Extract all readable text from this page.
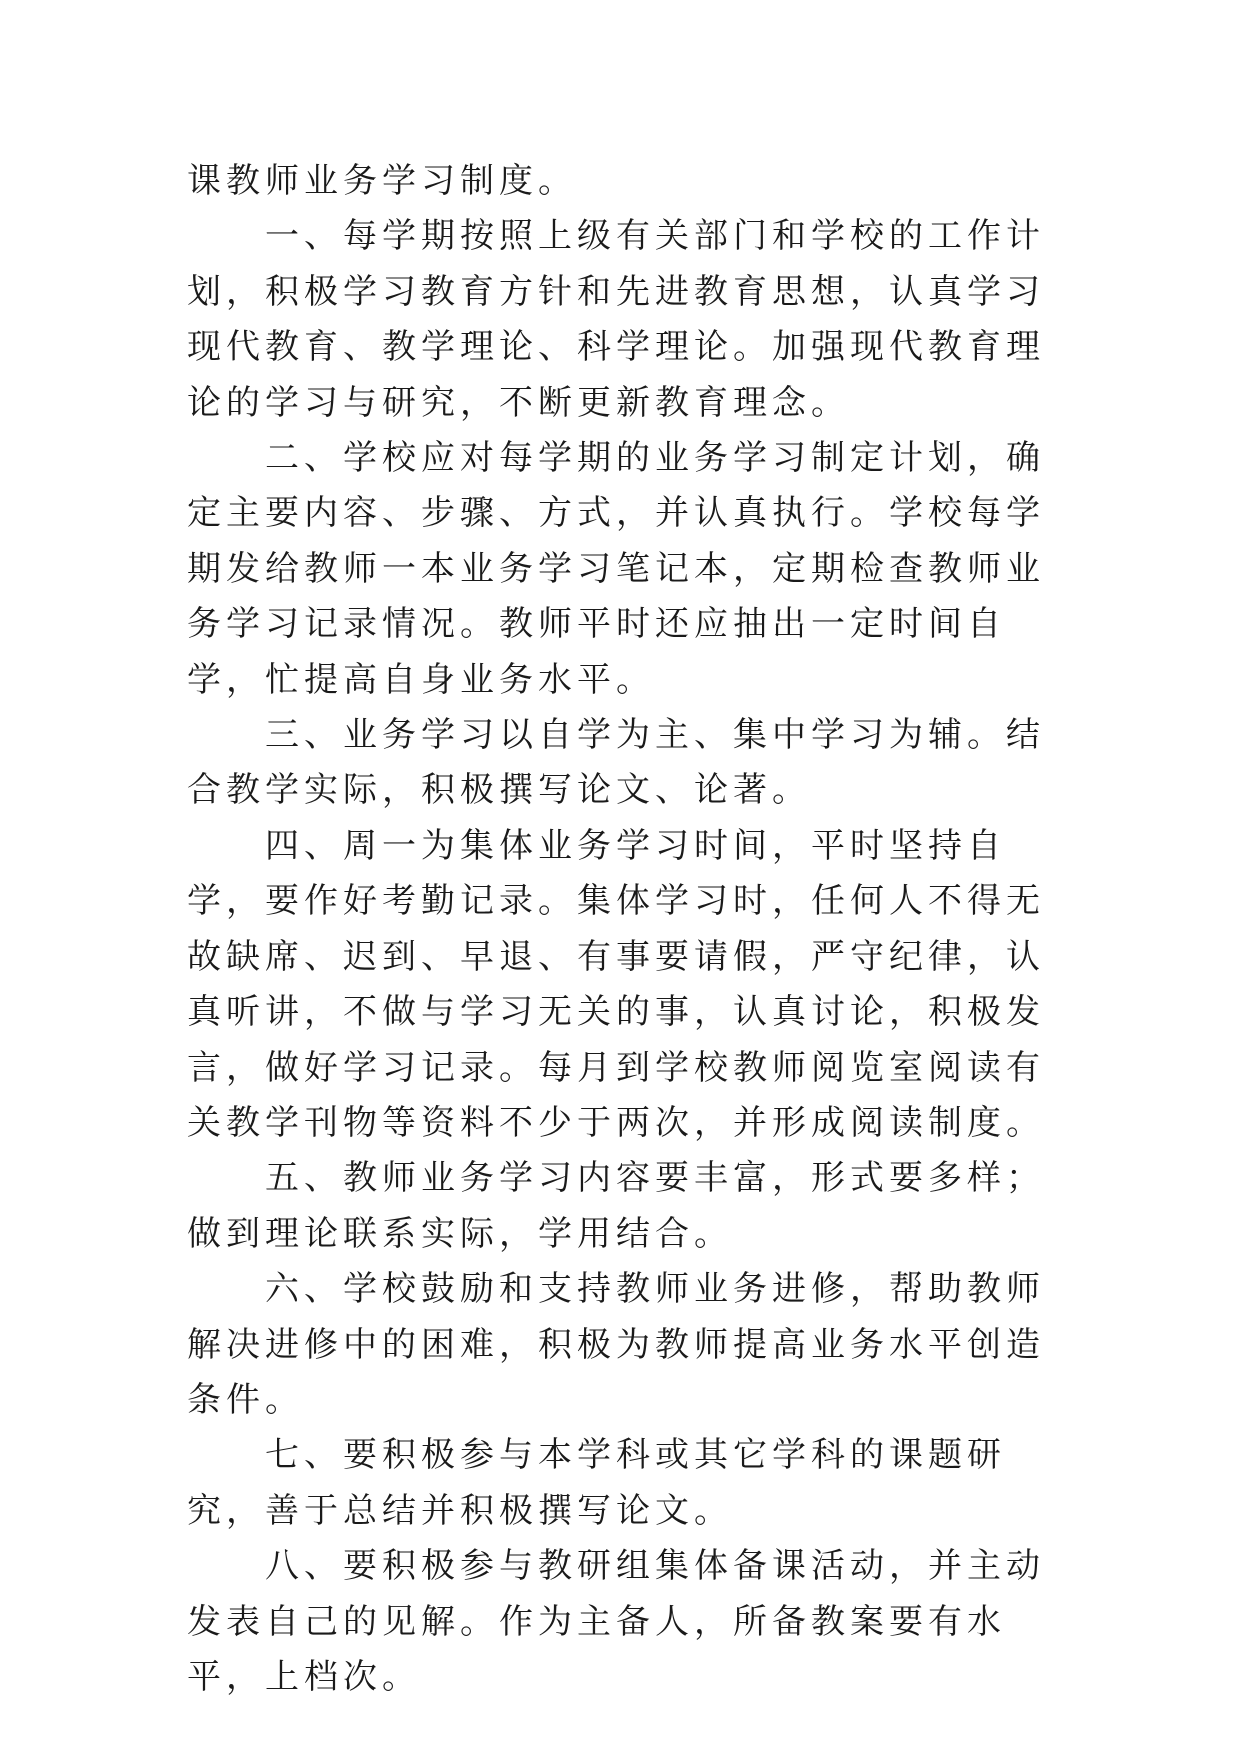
课教师业务学习制度。

一、每学期按照上级有关部门和学校的工作计划，积极学习教育方针和先进教育思想，认真学习现代教育、教学理论、科学理论。加强现代教育理论的学习与研究，不断更新教育理念。

二、学校应对每学期的业务学习制定计划，确定主要内容、步骤、方式，并认真执行。学校每学期发给教师一本业务学习笔记本，定期检查教师业务学习记录情况。教师平时还应抽出一定时间自学，忙提高自身业务水平。

三、业务学习以自学为主、集中学习为辅。结合教学实际，积极撰写论文、论著。

四、周一为集体业务学习时间，平时坚持自学，要作好考勤记录。集体学习时，任何人不得无故缺席、迟到、早退、有事要请假，严守纪律，认真听讲，不做与学习无关的事，认真讨论，积极发言，做好学习记录。每月到学校教师阅览室阅读有关教学刊物等资料不少于两次，并形成阅读制度。

五、教师业务学习内容要丰富，形式要多样；做到理论联系实际，学用结合。

六、学校鼓励和支持教师业务进修，帮助教师解决进修中的困难，积极为教师提高业务水平创造条件。

七、要积极参与本学科或其它学科的课题研究，善于总结并积极撰写论文。

八、要积极参与教研组集体备课活动，并主动发表自己的见解。作为主备人，所备教案要有水平，上档次。
